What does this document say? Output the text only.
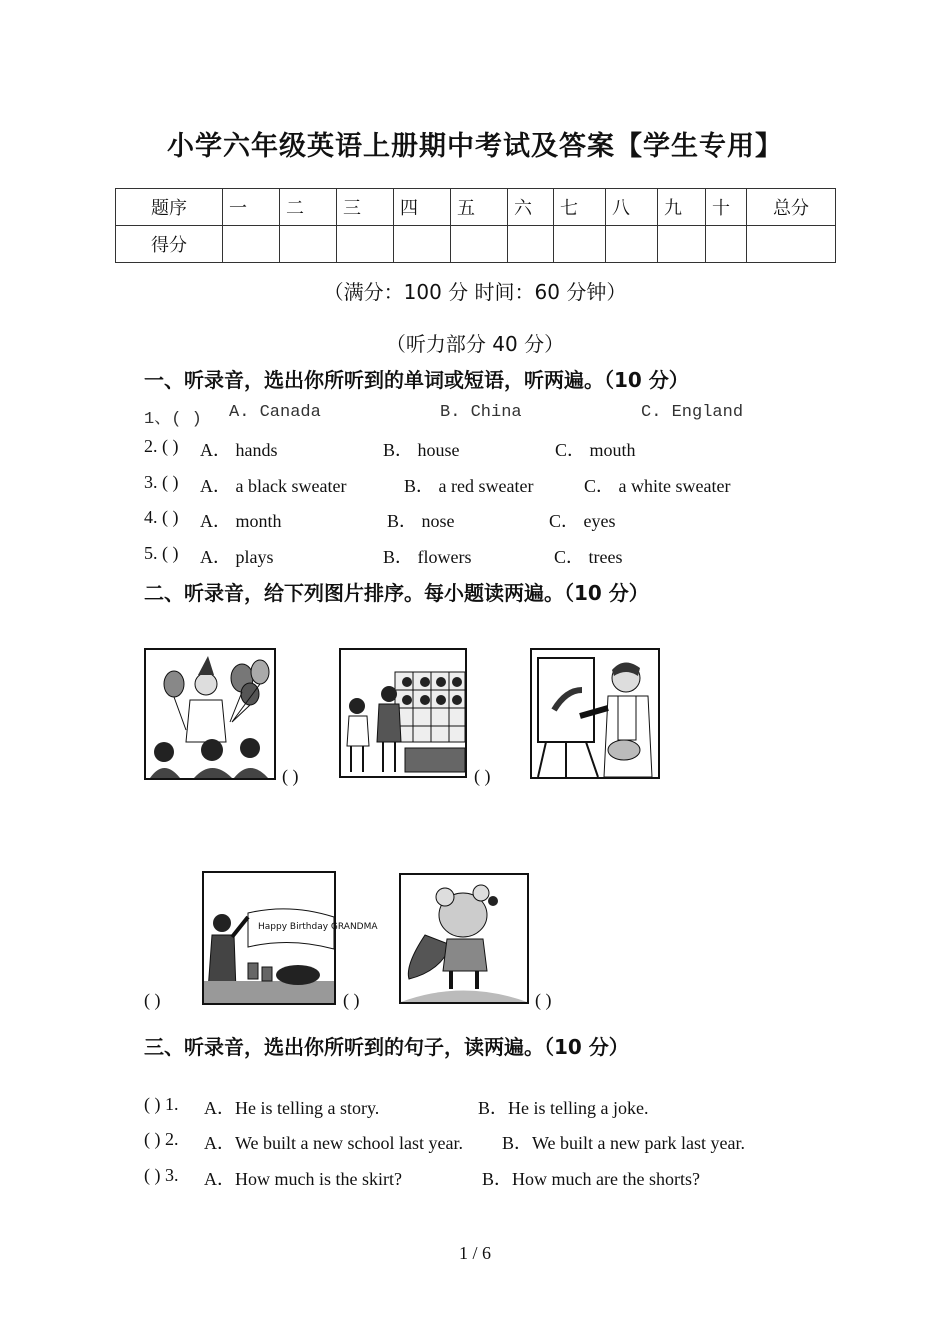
小学六年级英语上册期中考试及答案【学生专用】
题序	一	二	三	四	五	六	七	八	九	十	总分
得分											
（满分：100 分 时间：60 分钟）
（听力部分 40 分）
一、听录音，选出你所听到的单词或短语，听两遍。（10 分）
1、( ) A. Canada	B. China	C. England
2. ( ) A． hands	B． house	C． mouth
3. ( ) A． a black sweater	B． a red sweater	C． a white sweater
4. ( ) A． month	B． nose	C． eyes
5. ( ) A． plays	B． flowers	C． trees
二、听录音，给下列图片排序。每小题读两遍。（10 分）
( )	( )
( )
Happy Birthday GRANDMA
( )	( )
三、听录音，选出你所听到的句子，读两遍。（10 分）
( ) 1. A．He is telling a story.	B．He is telling a joke.
( ) 2. A．We built a new school last year. B．We built a new park last year.
( ) 3. A．How much is the skirt?	B．How much are the shorts?
1 / 6
